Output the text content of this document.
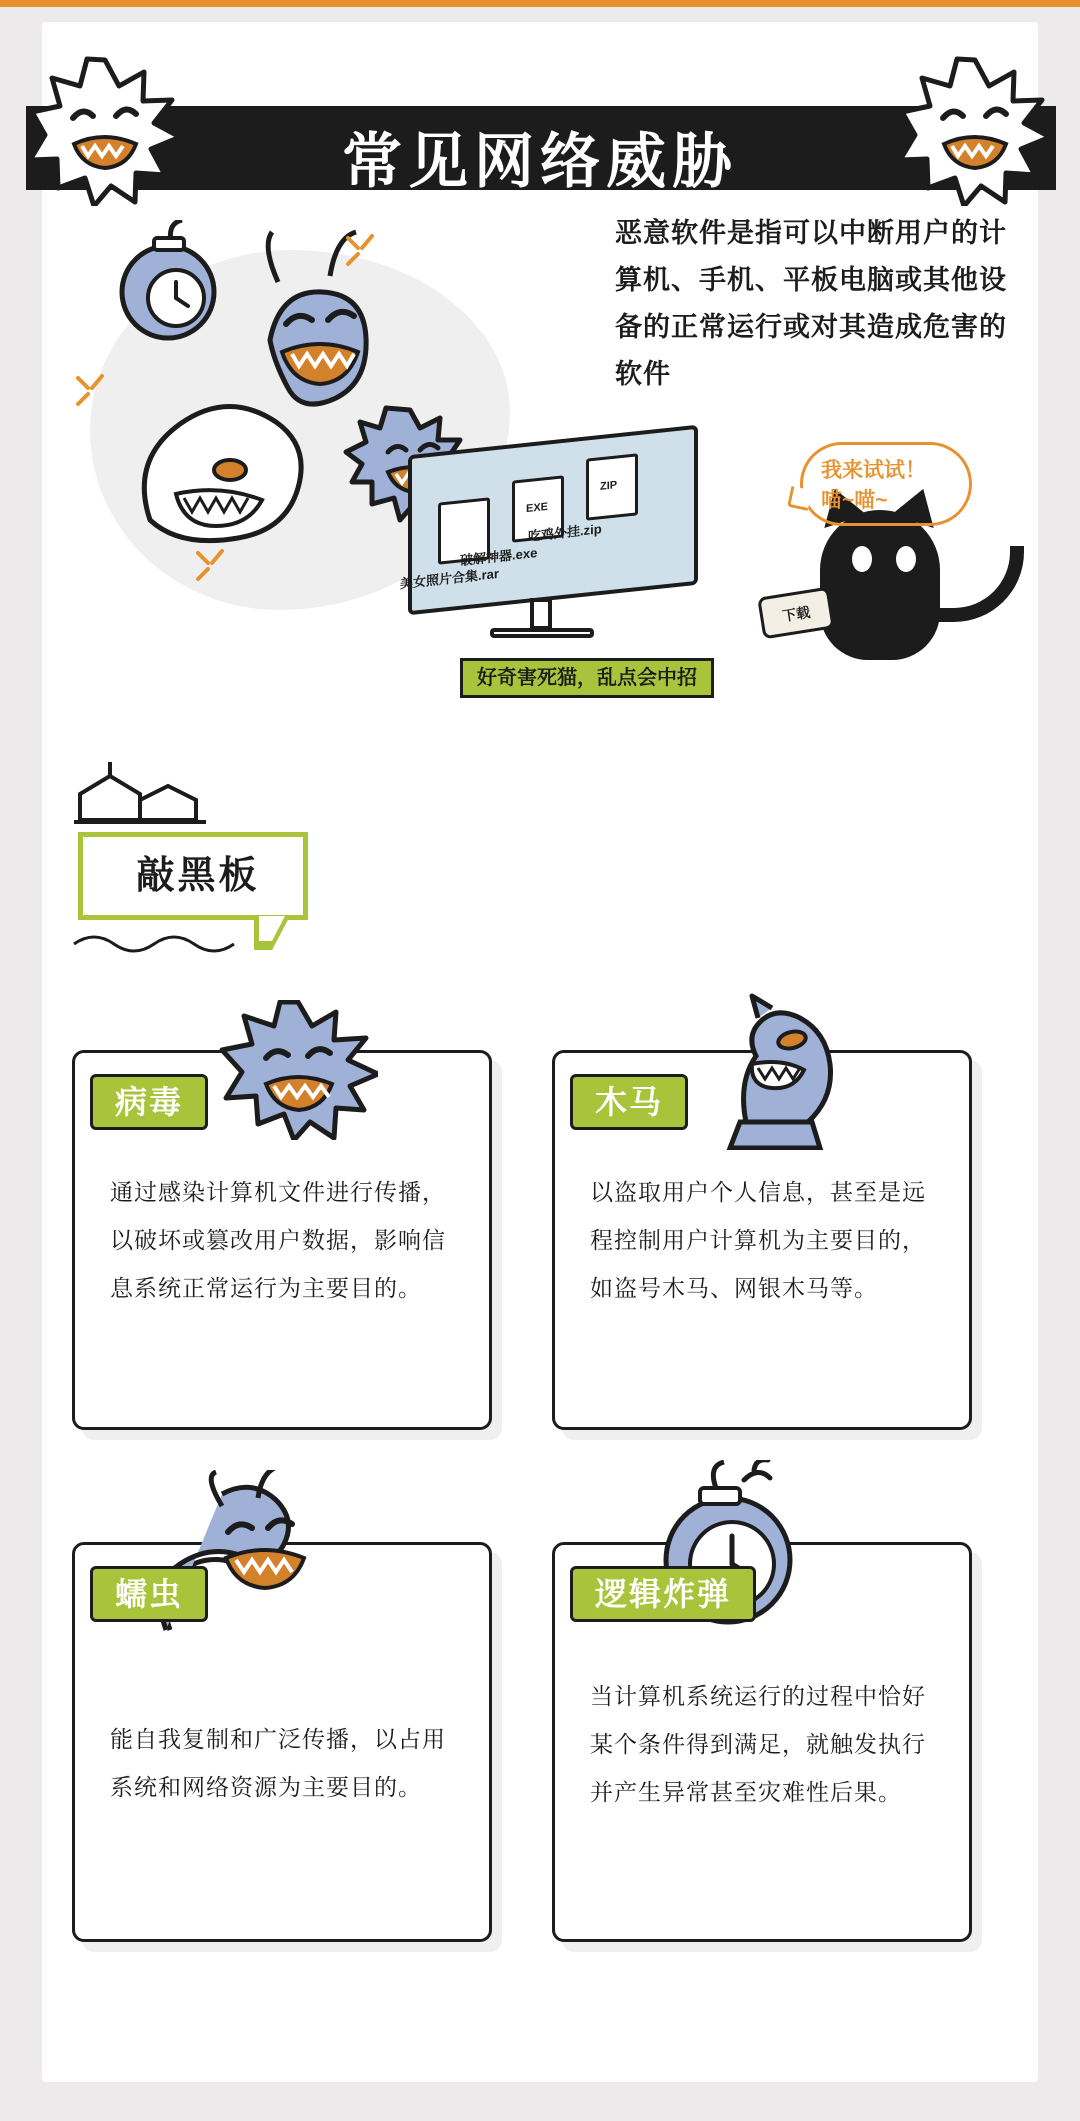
常见网络威胁
恶意软件是指可以中断用户的计算机、手机、平板电脑或其他设备的正常运行或对其造成危害的软件
美女照片合集.rar
EXE
破解神器.exe
ZIP
吃鸡外挂.zip
下载
我来试试！
喵~喵~
好奇害死猫，乱点会中招
敲黑板
病毒
通过感染计算机文件进行传播，以破坏或篡改用户数据，影响信息系统正常运行为主要目的。
木马
以盗取用户个人信息，甚至是远程控制用户计算机为主要目的，如盗号木马、网银木马等。
蠕虫
能自我复制和广泛传播，以占用系统和网络资源为主要目的。
逻辑炸弹
当计算机系统运行的过程中恰好某个条件得到满足，就触发执行并产生异常甚至灾难性后果。
